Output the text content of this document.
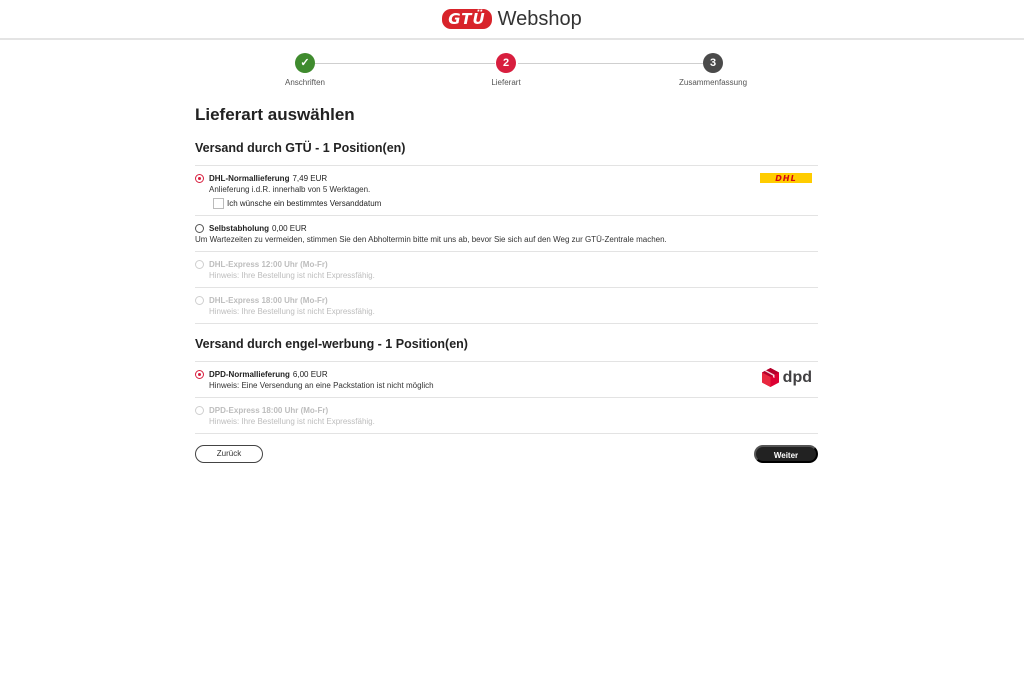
GTÜ Webshop
✓
Anschriften
2
Lieferart
3
Zusammenfassung
Lieferart auswählen
Versand durch GTÜ - 1 Position(en)
DHL-Normallieferung 7,49 EUR
Anlieferung i.d.R. innerhalb von 5 Werktagen.
Ich wünsche ein bestimmtes Versanddatum
DHL
Selbstabholung 0,00 EUR
Um Wartezeiten zu vermeiden, stimmen Sie den Abholtermin bitte mit uns ab, bevor Sie sich auf den Weg zur GTÜ-Zentrale machen.
DHL-Express 12:00 Uhr (Mo-Fr)
Hinweis: Ihre Bestellung ist nicht Expressfähig.
DHL-Express 18:00 Uhr (Mo-Fr)
Hinweis: Ihre Bestellung ist nicht Expressfähig.
Versand durch engel-werbung - 1 Position(en)
DPD-Normallieferung 6,00 EUR
Hinweis: Eine Versendung an eine Packstation ist nicht möglich	dpd
DPD-Express 18:00 Uhr (Mo-Fr)
Hinweis: Ihre Bestellung ist nicht Expressfähig.
Zurück	Weiter
